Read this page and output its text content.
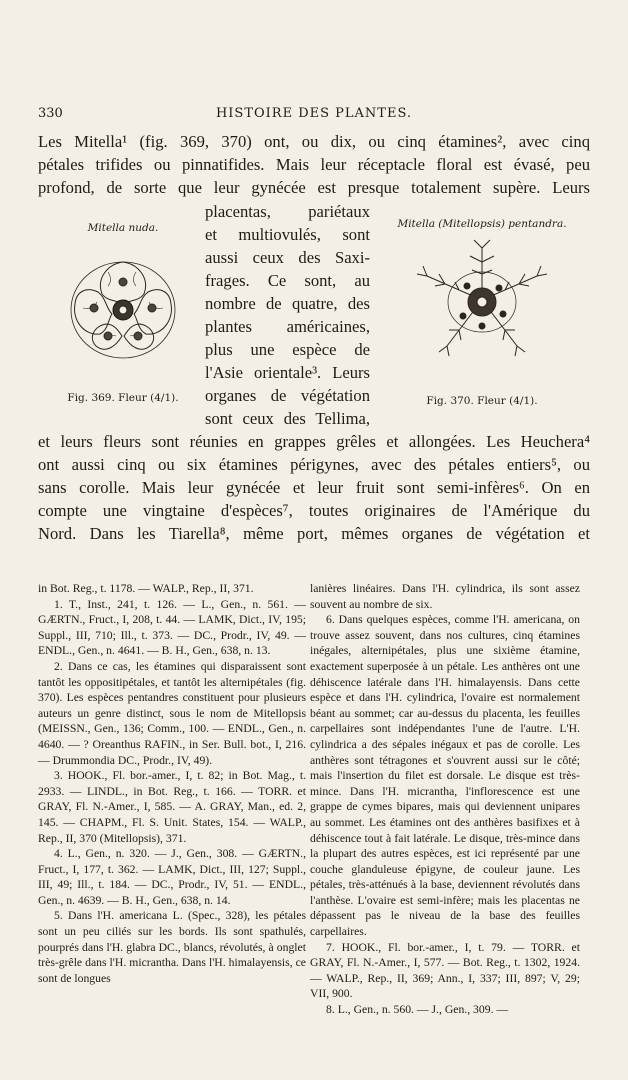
330	HISTOIRE DES PLANTES.
Les Mitella¹ (fig. 369, 370) ont, ou dix, ou cinq étamines², avec cinq
pétales trifides ou pinnatifides. Mais leur réceptacle floral est évasé, peu
profond, de sorte que leur gynécée est presque totalement supère. Leurs
placentas, pariétaux
et multiovulés, sont
aussi ceux des Saxi-
frages. Ce sont, au
nombre de quatre, des
plantes américaines,
plus une espèce de
l'Asie orientale³. Leurs
organes de végétation
sont ceux des Tellima,
et leurs fleurs sont réunies en grappes grêles et allongées. Les Heuchera⁴
ont aussi cinq ou six étamines périgynes, avec des pétales entiers⁵, ou
sans corolle. Mais leur gynécée et leur fruit sont semi-infères⁶. On en
compte une vingtaine d'espèces⁷, toutes originaires de l'Amérique du
Nord. Dans les Tiarella⁸, même port, mêmes organes de végétation et
Mitella nuda.
Fig. 369. Fleur (4/1).
Mitella (Mitellopsis) pentandra.
Fig. 370. Fleur (4/1).

in Bot. Reg., t. 1178. — WALP., Rep., II, 371.

1. T., Inst., 241, t. 126. — L., Gen., n. 561. — GÆRTN., Fruct., I, 208, t. 44. — LAMK, Dict., IV, 195; Suppl., III, 710; Ill., t. 373. — DC., Prodr., IV, 49. — ENDL., Gen., n. 4641. — B. H., Gen., 638, n. 13.

2. Dans ce cas, les étamines qui disparaissent sont tantôt les oppositipétales, et tantôt les alternipétales (fig. 370). Les espèces pentandres constituent pour plusieurs auteurs un genre distinct, sous le nom de Mitellopsis (MEISSN., Gen., 136; Comm., 100. — ENDL., Gen., n. 4640. — ? Oreanthus RAFIN., in Ser. Bull. bot., I, 216. — Drummondia DC., Prodr., IV, 49).

3. HOOK., Fl. bor.-amer., I, t. 82; in Bot. Mag., t. 2933. — LINDL., in Bot. Reg., t. 166. — TORR. et GRAY, Fl. N.-Amer., I, 585. — A. GRAY, Man., ed. 2, 145. — CHAPM., Fl. S. Unit. States, 154. — WALP., Rep., II, 370 (Mitellopsis), 371.

4. L., Gen., n. 320. — J., Gen., 308. — GÆRTN., Fruct., I, 177, t. 362. — LAMK, Dict., III, 127; Suppl., III, 49; Ill., t. 184. — DC., Prodr., IV, 51. — ENDL., Gen., n. 4639. — B. H., Gen., 638, n. 14.

5. Dans l'H. americana L. (Spec., 328), les pétales sont un peu ciliés sur les bords. Ils sont spathulés, pourprés dans l'H. glabra DC., blancs, révolutés, à onglet très-grêle dans l'H. micrantha. Dans l'H. himalayensis, ce sont de longues

lanières linéaires. Dans l'H. cylindrica, ils sont assez souvent au nombre de six.

6. Dans quelques espèces, comme l'H. americana, on trouve assez souvent, dans nos cultures, cinq étamines inégales, alternipétales, plus une sixième étamine, exactement superposée à un pétale. Les anthères ont une déhiscence latérale dans l'H. himalayensis. Dans cette espèce et dans l'H. cylindrica, l'ovaire est normalement béant au sommet; car au-dessus du placenta, les feuilles carpellaires sont indépendantes l'une de l'autre. L'H. cylindrica a des sépales inégaux et pas de corolle. Les anthères sont tétragones et s'ouvrent aussi sur le côté; mais l'insertion du filet est dorsale. Le disque est très-mince. Dans l'H. micrantha, l'inflorescence est une grappe de cymes bipares, mais qui deviennent unipares au sommet. Les étamines ont des anthères basifixes et à déhiscence tout à fait latérale. Le disque, très-mince dans la plupart des autres espèces, est ici représenté par une couche glanduleuse épigyne, de couleur jaune. Les pétales, très-atténués à la base, deviennent révolutés dans l'anthèse. L'ovaire est semi-infère; mais les placentas ne dépassent pas le niveau de la base des feuilles carpellaires.

7. HOOK., Fl. bor.-amer., I, t. 79. — TORR. et GRAY, Fl. N.-Amer., I, 577. — Bot. Reg., t. 1302, 1924. — WALP., Rep., II, 369; Ann., I, 337; III, 897; V, 29; VII, 900.

8. L., Gen., n. 560. — J., Gen., 309. —
